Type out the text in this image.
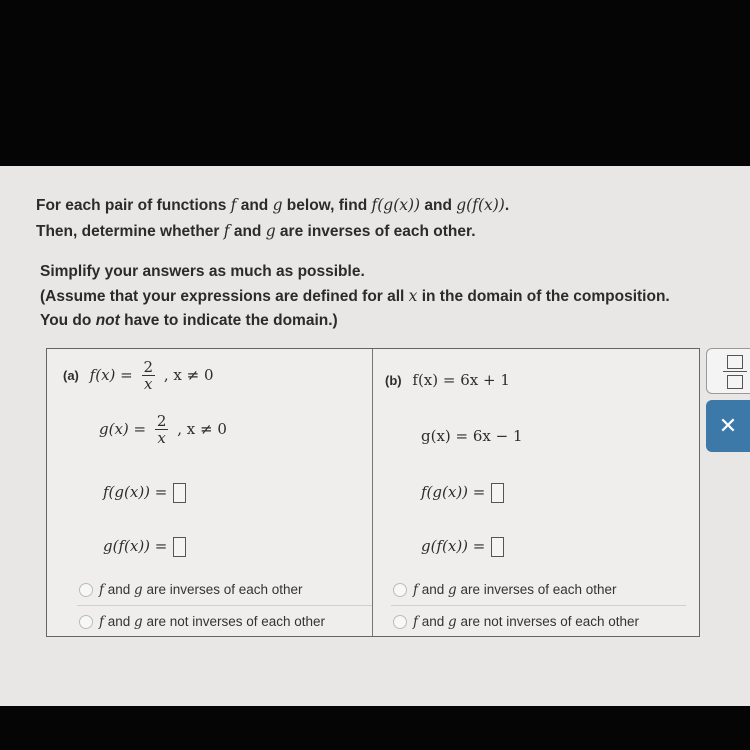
For each pair of functions f and g below, find f(g(x)) and g(f(x)).
Then, determine whether f and g are inverses of each other.
Simplify your answers as much as possible.
(Assume that your expressions are defined for all x in the domain of the composition.
You do not have to indicate the domain.)
(a) $f(x) = \frac{2}{x}$ , x ≠ 0
$g(x) = \frac{2}{x}$ , x ≠ 0
f(g(x)) =
g(f(x)) =
f and g are inverses of each other
f and g are not inverses of each other
(b) f(x) = 6x + 1
g(x) = 6x − 1
f(g(x)) =
g(f(x)) =
f and g are inverses of each other
f and g are not inverses of each other
✕
